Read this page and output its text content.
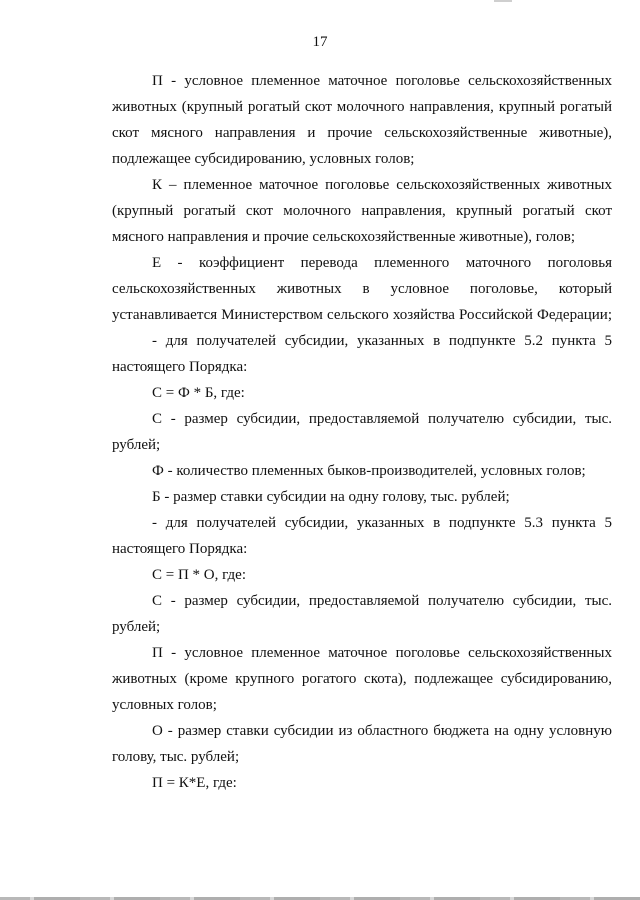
17

П - условное племенное маточное поголовье сельскохозяйственных животных (крупный рогатый скот молочного направления, крупный рогатый скот мясного направления и прочие сельскохозяйственные животные), подлежащее субсидированию, условных голов;

К – племенное маточное поголовье сельскохозяйственных животных (крупный рогатый скот молочного направления, крупный рогатый скот мясного направления и прочие сельскохозяйственные животные), голов;

Е - коэффициент перевода племенного маточного поголовья сельскохозяйственных животных в условное поголовье, который устанавливается Министерством сельского хозяйства Российской Федерации;

- для получателей субсидии, указанных в подпункте 5.2 пункта 5 настоящего Порядка:

С = Ф * Б, где:

С - размер субсидии, предоставляемой получателю субсидии, тыс. рублей;

Ф - количество племенных быков-производителей, условных голов;

Б - размер ставки субсидии на одну голову, тыс. рублей;

- для получателей субсидии, указанных в подпункте 5.3 пункта 5 настоящего Порядка:

С = П * О, где:

С - размер субсидии, предоставляемой получателю субсидии, тыс. рублей;

П - условное племенное маточное поголовье сельскохозяйственных животных (кроме крупного рогатого скота), подлежащее субсидированию, условных голов;

О - размер ставки субсидии из областного бюджета на одну условную голову, тыс. рублей;

П = К*Е, где:
